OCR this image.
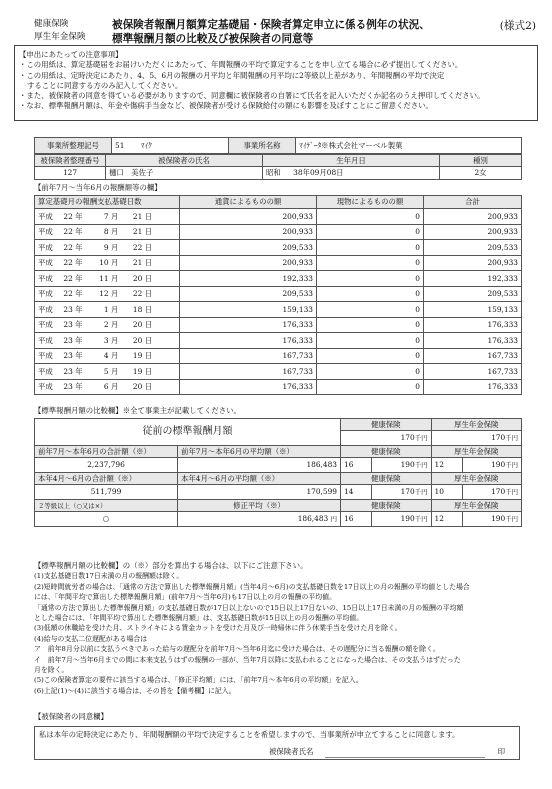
健康保険
厚生年金保険
被保険者報酬月額算定基礎届・保険者算定申立に係る例年の状況、
標準報酬月額の比較及び被保険者の同意等
(様式2)
【申出にあたっての注意事項】
・この用紙は、算定基礎届をお届けいただくにあたって、年間報酬の平均で算定することを申し立てる場合に必ず提出してください。
・この用紙は、定時決定にあたり、4、5、6月の報酬の月平均と年間報酬の月平均に2等級以上差があり、年間報酬の平均で決定
することに同意する方のみ記入してください。
・また、被保険者の同意を得ている必要がありますので、同意欄に被保険者の自署にて氏名を記入いただくか記名のうえ押印してください。
・なお、標準報酬月額は、年金や傷病手当金など、被保険者が受ける保険給付の額にも影響を及ぼすことにご留意ください。
事業所整理記号	51 ﾏｲｸ	事業所名称	ﾏｲﾃﾞｰﾀ※株式会社マーベル製菓
被保険者整理番号	被保険者の氏名	生年月日	種別
127	樋口　美佐子	昭和 38年09月08日	2女
【前年7月～当年6月の報酬額等の欄】
算定基礎月の報酬支払基礎日数	通貨によるものの額	現物によるものの額	合計
平成 22 年 7 月 21 日	200,933	0	200,933
平成 22 年 8 月 21 日	200,933	0	200,933
平成 22 年 9 月 22 日	209,533	0	209,533
平成 22 年 10 月 21 日	200,933	0	200,933
平成 22 年 11 月 20 日	192,333	0	192,333
平成 22 年 12 月 22 日	209,533	0	209,533
平成 23 年 1 月 18 日	159,133	0	159,133
平成 23 年 2 月 20 日	176,333	0	176,333
平成 23 年 3 月 20 日	176,333	0	176,333
平成 23 年 4 月 19 日	167,733	0	167,733
平成 23 年 5 月 19 日	167,733	0	167,733
平成 23 年 6 月 20 日	176,333	0	176,333
【標準報酬月額の比較欄】※全て事業主が記載してください。
従前の標準報酬月額		健康保険		厚生年金保険	
		170千円		170千円	
前年7月～本年6月の合計額（※）	前年7月～本年6月の平均額（※）	健康保険		厚生年金保険	
2,237,796	186,483	16	190千円	12	190千円
本年4月～6月の合計額（※）	本年4月～6月の平均額（※）	健康保険		厚生年金保険	
511,799	170,599	14	170千円	10	170千円
２等級以上（○又は×）	修正平均（※）	健康保険		厚生年金保険	
○	186,483 円	16	190千円	12	190千円
【標準報酬月額の比較欄】の（※）部分を算出する場合は、以下にご注意下さい。
(1)支払基礎日数17日未満の月の報酬額は除く。
(2)短時間就労者の場合は、「通常の方法で算出した標準報酬月額」(当年4月～6月)の支払基礎日数を17日以上の月の報酬の平均値とした場合
には、「年間平均で算出した標準報酬月額」(前年7月～当年6月)も17日以上の月の報酬の平均値。
「通常の方法で算出した標準報酬月額」の支払基礎日数が17日以上ないので15日以上17日ないの、15日以上17日未満の月の報酬の平均額
とした場合には、「年間平均で算出した標準報酬月額」は、支払基礎日数が15日以上の月の報酬の平均値。
(3)低額の休職給を受けた月、ストライキによる賃金カットを受けた月及び一時帰休に伴う休業手当を受けた月を除く。
(4)給与の支払二位遅配がある場合は
ア　前年8月分以前に支払うべきであった給与の遅配分を前年7月～当年6月迄に受けた場合は、その遅配分に当る報酬の額を除く。
イ　前年7月～当年6月までの間に本来支払うはずの報酬の一部が、当年7月以降に支払われることになった場合は、その支払うはずだった
月を除く。
(5)この保険者算定の要件に該当する場合は、「修正平均額」には、「前年7月～本年6月の平均額」を記入。
(6)上記(1)～(4)に該当する場合は、その旨を【備考欄】に記入。
【被保険者の同意欄】
私は本年の定時決定にあたり、年間報酬額の平均で決定することを希望しますので、当事業所が申立てすることに同意します。
被保険者氏名	印
